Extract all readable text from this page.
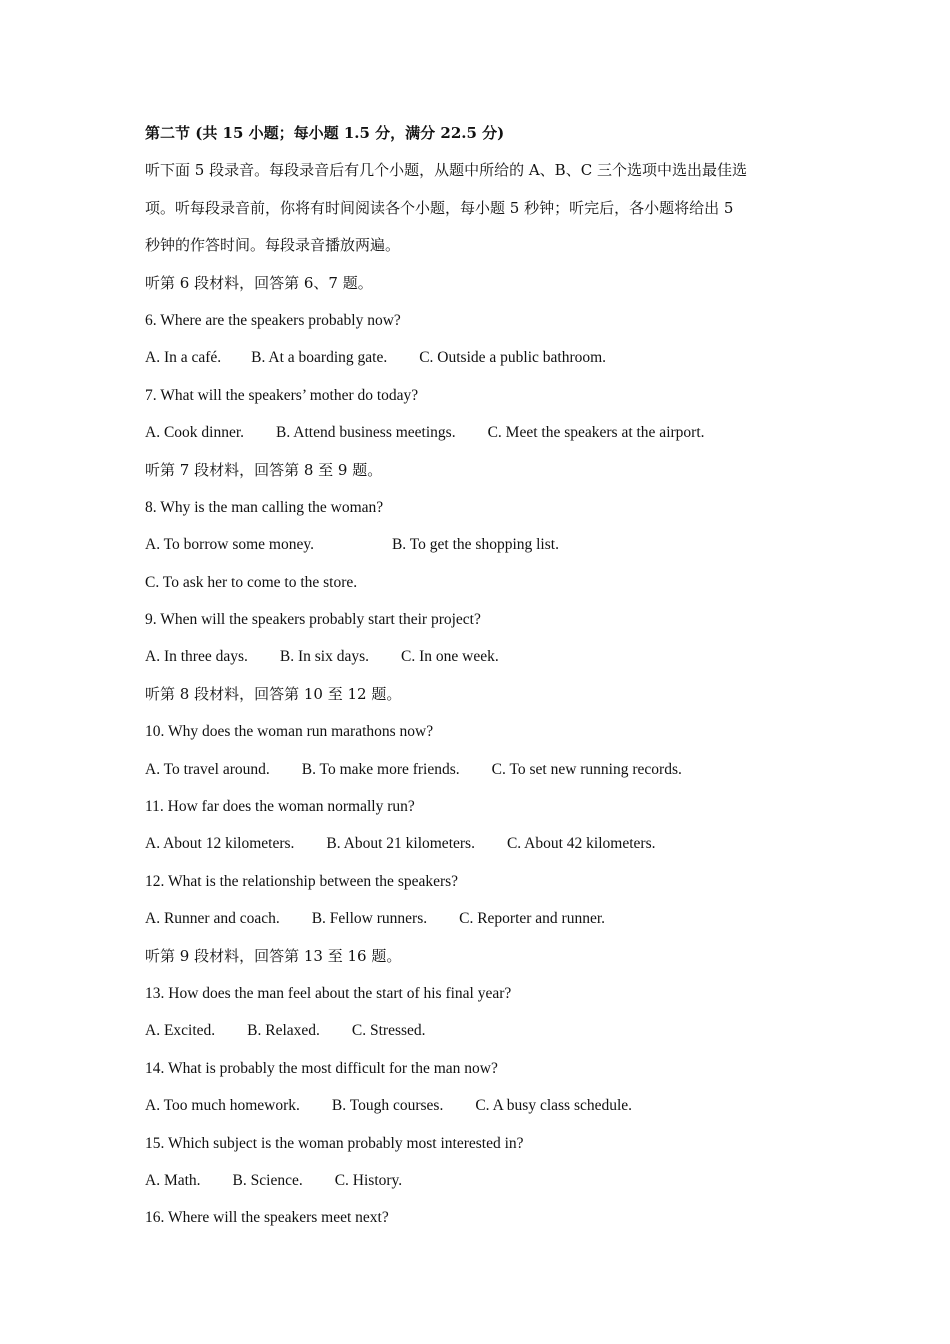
第二节 (共 15 小题；每小题 1.5 分，满分 22.5 分)
听下面 5 段录音。每段录音后有几个小题，从题中所给的 A、B、C 三个选项中选出最佳选
项。听每段录音前，你将有时间阅读各个小题，每小题 5 秒钟；听完后，各小题将给出 5
秒钟的作答时间。每段录音播放两遍。
听第 6 段材料，回答第 6、7 题。
6. Where are the speakers probably now?
A. In a café. B. At a boarding gate. C. Outside a public bathroom.
7. What will the speakers’ mother do today?
A. Cook dinner. B. Attend business meetings. C. Meet the speakers at the airport.
听第 7 段材料，回答第 8 至 9 题。
8. Why is the man calling the woman?
A. To borrow some money.	B. To get the shopping list.
C. To ask her to come to the store.
9. When will the speakers probably start their project?
A. In three days. B. In six days. C. In one week.
听第 8 段材料，回答第 10 至 12 题。
10. Why does the woman run marathons now?
A. To travel around. B. To make more friends. C. To set new running records.
11. How far does the woman normally run?
A. About 12 kilometers. B. About 21 kilometers. C. About 42 kilometers.
12. What is the relationship between the speakers?
A. Runner and coach. B. Fellow runners. C. Reporter and runner.
听第 9 段材料，回答第 13 至 16 题。
13. How does the man feel about the start of his final year?
A. Excited. B. Relaxed. C. Stressed.
14. What is probably the most difficult for the man now?
A. Too much homework. B. Tough courses. C. A busy class schedule.
15. Which subject is the woman probably most interested in?
A. Math. B. Science. C. History.
16. Where will the speakers meet next?
